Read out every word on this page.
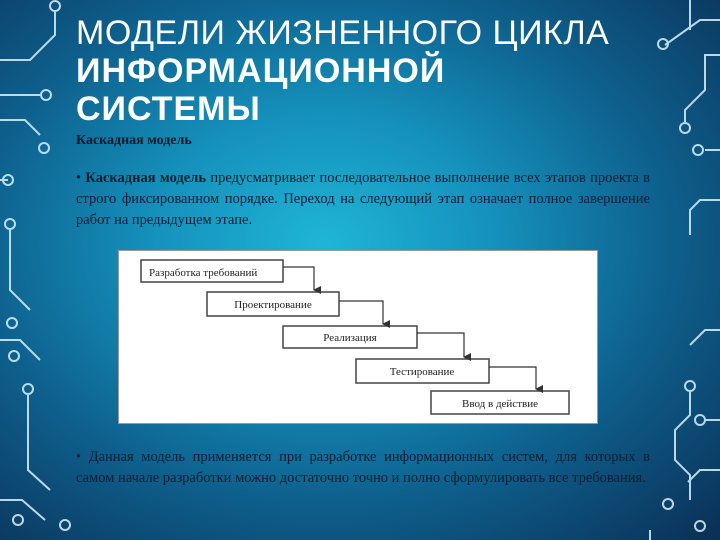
МОДЕЛИ ЖИЗНЕННОГО ЦИКЛА
ИНФОРМАЦИОННОЙ
СИСТЕМЫ
Каскадная модель

• Каскадная модель предусматривает последовательное выполнение всех этапов проекта в строго фиксированном порядке. Переход на следующий этап означает полное завершение работ на предыдущем этапе.

Разработка требований
Проектирование
Реализация
Тестирование
Ввод в действие

• Данная модель применяется при разработке информационных систем, для которых в самом начале разработки можно достаточно точно и полно сформулировать все требования.
